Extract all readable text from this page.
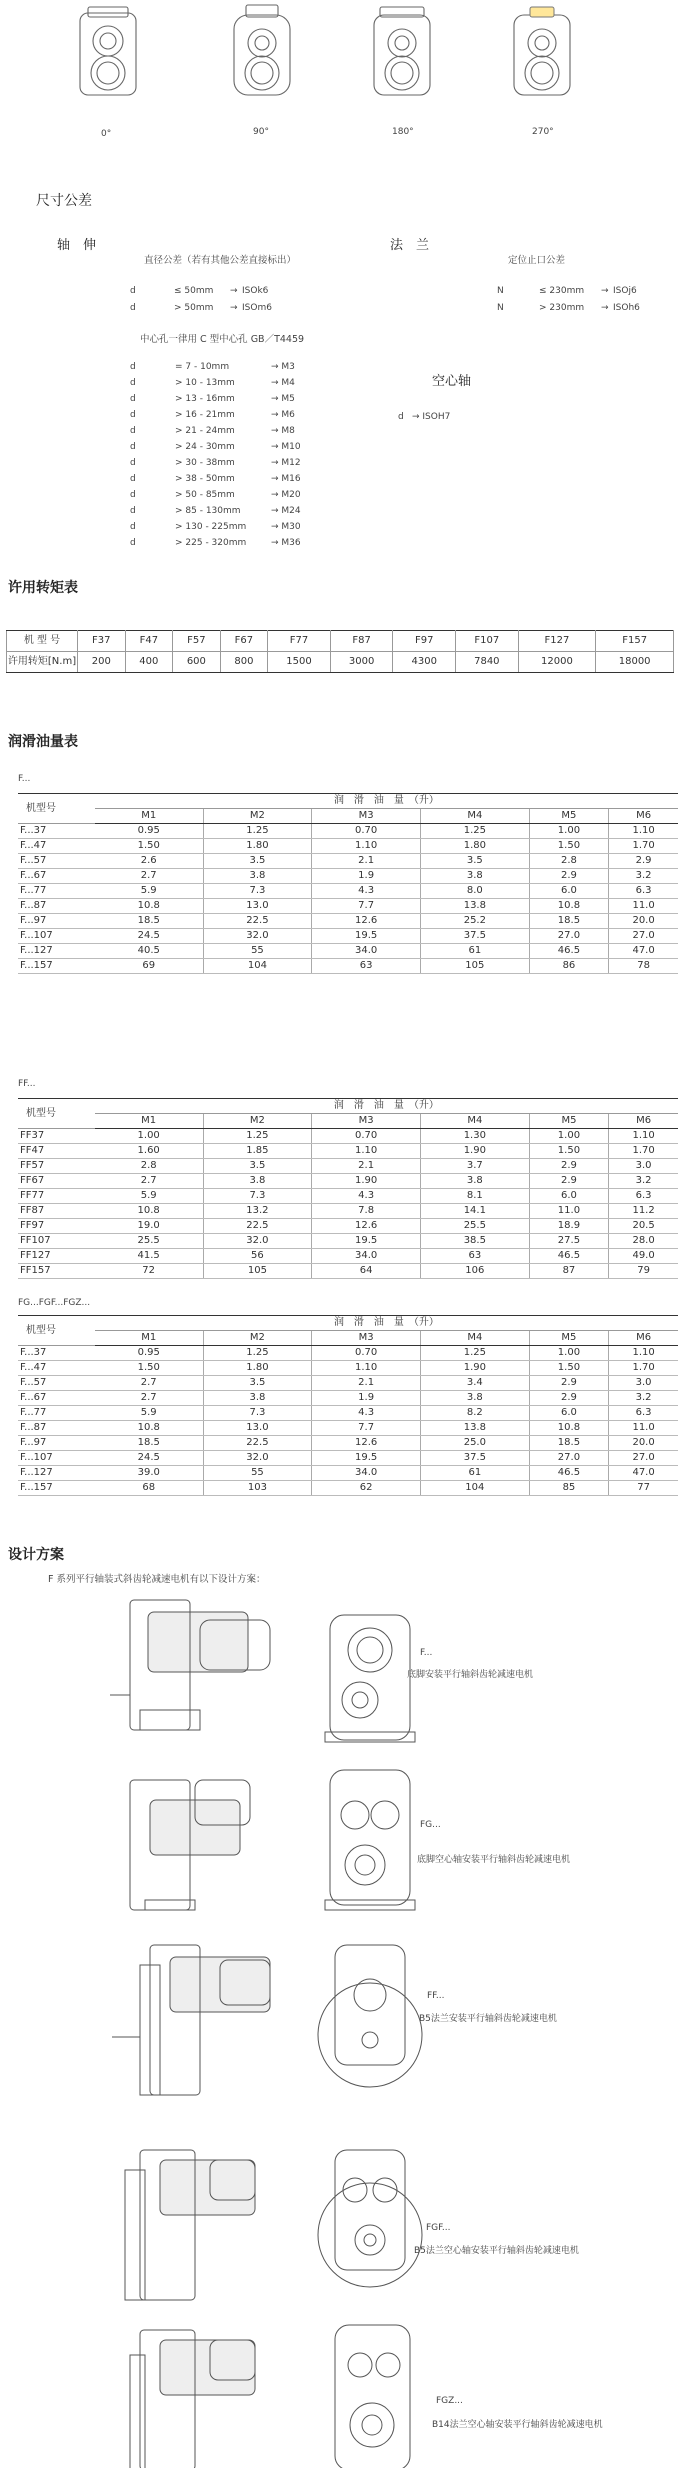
0°	90°	180°	270°
尺寸公差
轴　伸	法　兰
直径公差（若有其他公差直接标出）	定位止口公差
d	≤ 50mm → ISOk6
d	> 50mm → ISOm6
N	≤ 230mm → ISOj6
N	> 230mm → ISOh6
中心孔一律用 C 型中心孔 GB／T4459
d	= 7 - 10mm	→ M3
d	> 10 - 13mm	→ M4
d	> 13 - 16mm	→ M5
d	> 16 - 21mm	→ M6
d	> 21 - 24mm	→ M8
d	> 24 - 30mm	→ M10
d	> 30 - 38mm	→ M12
d	> 38 - 50mm	→ M16
d	> 50 - 85mm	→ M20
d	> 85 - 130mm	→ M24
d	> 130 - 225mm	→ M30
d	> 225 - 320mm	→ M36
空心轴
d → ISOH7
许用转矩表
机 型 号	F37	F47	F57	F67	F77	F87	F97	F107	F127	F157
许用转矩[N.m]	200	400	600	800	1500	3000	4300	7840	12000	18000
润滑油量表
F...
机型号	润　滑　油　量　（升）					
	M1	M2	M3	M4	M5	M6
F...37	0.95	1.25	0.70	1.25	1.00	1.10
F...47	1.50	1.80	1.10	1.80	1.50	1.70
F...57	2.6	3.5	2.1	3.5	2.8	2.9
F...67	2.7	3.8	1.9	3.8	2.9	3.2
F...77	5.9	7.3	4.3	8.0	6.0	6.3
F...87	10.8	13.0	7.7	13.8	10.8	11.0
F...97	18.5	22.5	12.6	25.2	18.5	20.0
F...107	24.5	32.0	19.5	37.5	27.0	27.0
F...127	40.5	55	34.0	61	46.5	47.0
F...157	69	104	63	105	86	78
FF...
机型号	润　滑　油　量　（升）					
	M1	M2	M3	M4	M5	M6
FF37	1.00	1.25	0.70	1.30	1.00	1.10
FF47	1.60	1.85	1.10	1.90	1.50	1.70
FF57	2.8	3.5	2.1	3.7	2.9	3.0
FF67	2.7	3.8	1.90	3.8	2.9	3.2
FF77	5.9	7.3	4.3	8.1	6.0	6.3
FF87	10.8	13.2	7.8	14.1	11.0	11.2
FF97	19.0	22.5	12.6	25.5	18.9	20.5
FF107	25.5	32.0	19.5	38.5	27.5	28.0
FF127	41.5	56	34.0	63	46.5	49.0
FF157	72	105	64	106	87	79
FG...FGF...FGZ...
机型号	润　滑　油　量　（升）					
	M1	M2	M3	M4	M5	M6
F...37	0.95	1.25	0.70	1.25	1.00	1.10
F...47	1.50	1.80	1.10	1.90	1.50	1.70
F...57	2.7	3.5	2.1	3.4	2.9	3.0
F...67	2.7	3.8	1.9	3.8	2.9	3.2
F...77	5.9	7.3	4.3	8.2	6.0	6.3
F...87	10.8	13.0	7.7	13.8	10.8	11.0
F...97	18.5	22.5	12.6	25.0	18.5	20.0
F...107	24.5	32.0	19.5	37.5	27.0	27.0
F...127	39.0	55	34.0	61	46.5	47.0
F...157	68	103	62	104	85	77
设计方案
F 系列平行轴装式斜齿轮减速电机有以下设计方案：
F...
底脚安装平行轴斜齿轮减速电机
FG...
底脚空心轴安装平行轴斜齿轮减速电机
FF...
B5法兰安装平行轴斜齿轮减速电机
FGF...
B5法兰空心轴安装平行轴斜齿轮减速电机
FGZ...
B14法兰空心轴安装平行轴斜齿轮减速电机
